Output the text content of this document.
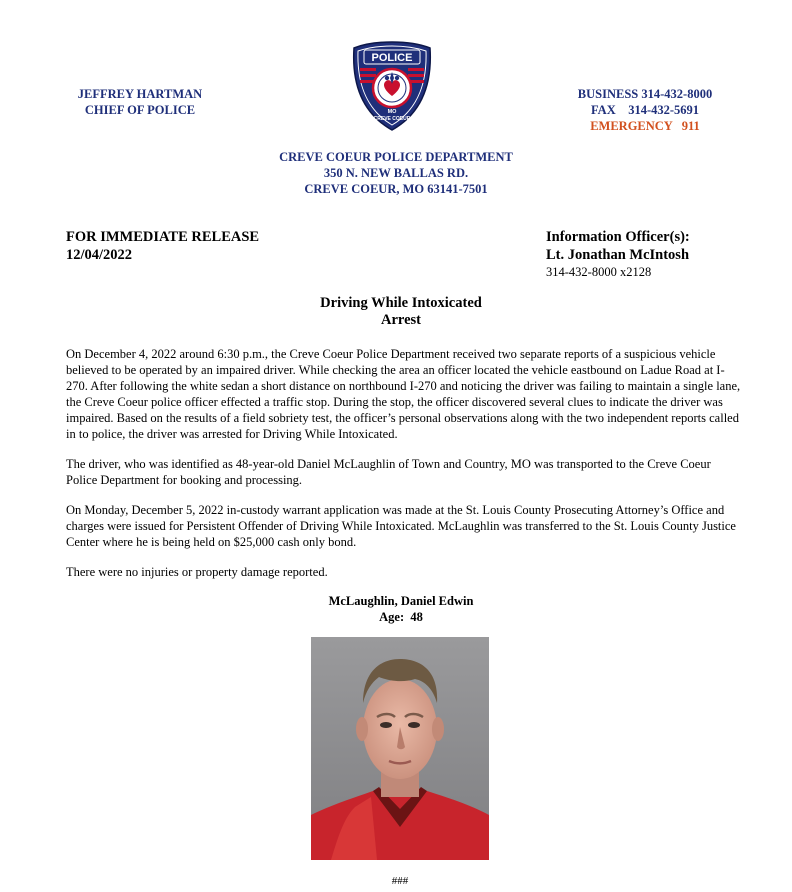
JEFFREY HARTMAN
CHIEF OF POLICE
POLICE
MO
CREVE COEUR
BUSINESS 314-432-8000
FAX    314-432-5691
EMERGENCY   911
CREVE COEUR POLICE DEPARTMENT
350 N. NEW BALLAS RD.
CREVE COEUR, MO 63141-7501
FOR IMMEDIATE RELEASE
12/04/2022
Information Officer(s):
Lt. Jonathan McIntosh
314-432-8000 x2128
Driving While Intoxicated
Arrest

On December 4, 2022 around 6:30 p.m., the Creve Coeur Police Department received two separate reports of a suspicious vehicle believed to be operated by an impaired driver. While checking the area an officer located the vehicle eastbound on Ladue Road at I-270. After following the white sedan a short distance on northbound I-270 and noticing the driver was failing to maintain a single lane, the Creve Coeur police officer effected a traffic stop. During the stop, the officer discovered several clues to indicate the driver was impaired. Based on the results of a field sobriety test, the officer’s personal observations along with the two independent reports called in to police, the driver was arrested for Driving While Intoxicated.

The driver, who was identified as 48-year-old Daniel McLaughlin of Town and Country, MO was transported to the Creve Coeur Police Department for booking and processing.

On Monday, December 5, 2022 in-custody warrant application was made at the St. Louis County Prosecuting Attorney’s Office and charges were issued for Persistent Offender of Driving While Intoxicated. McLaughlin was transferred to the St. Louis County Justice Center where he is being held on $25,000 cash only bond.

There were no injuries or property damage reported.

McLaughlin, Daniel Edwin
Age:  48
###
